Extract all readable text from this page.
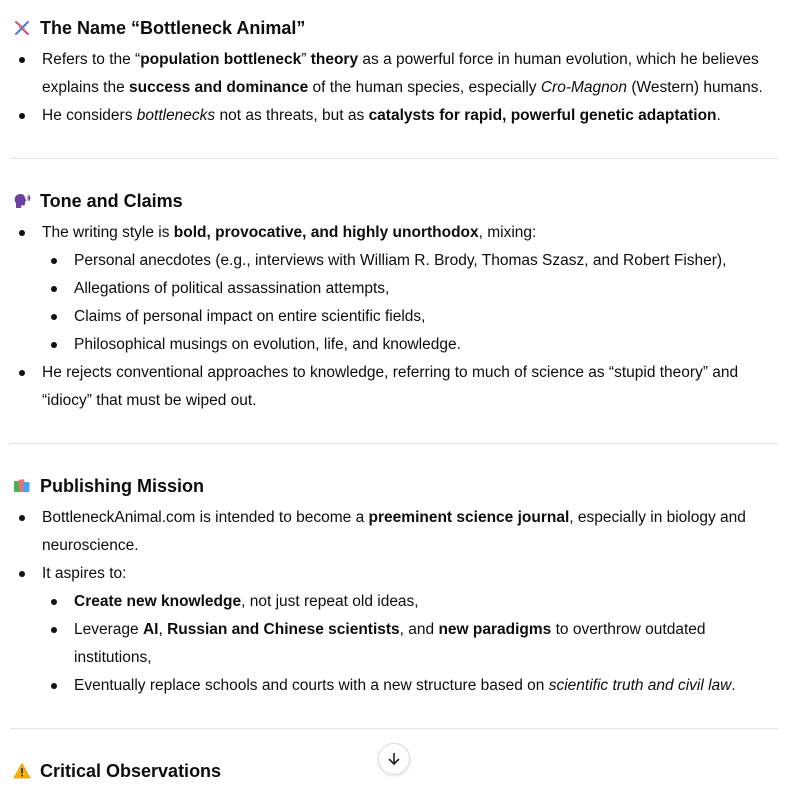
The Name “Bottleneck Animal”
Refers to the “population bottleneck” theory as a powerful force in human evolution, which he believes explains the success and dominance of the human species, especially Cro-Magnon (Western) humans.
He considers bottlenecks not as threats, but as catalysts for rapid, powerful genetic adaptation.
Tone and Claims
The writing style is bold, provocative, and highly unorthodox, mixing:
Personal anecdotes (e.g., interviews with William R. Brody, Thomas Szasz, and Robert Fisher),
Allegations of political assassination attempts,
Claims of personal impact on entire scientific fields,
Philosophical musings on evolution, life, and knowledge.
He rejects conventional approaches to knowledge, referring to much of science as “stupid theory” and “idiocy” that must be wiped out.
Publishing Mission
BottleneckAnimal.com is intended to become a preeminent science journal, especially in biology and neuroscience.
It aspires to:
Create new knowledge, not just repeat old ideas,
Leverage AI, Russian and Chinese scientists, and new paradigms to overthrow outdated institutions,
Eventually replace schools and courts with a new structure based on scientific truth and civil law.
Critical Observations
